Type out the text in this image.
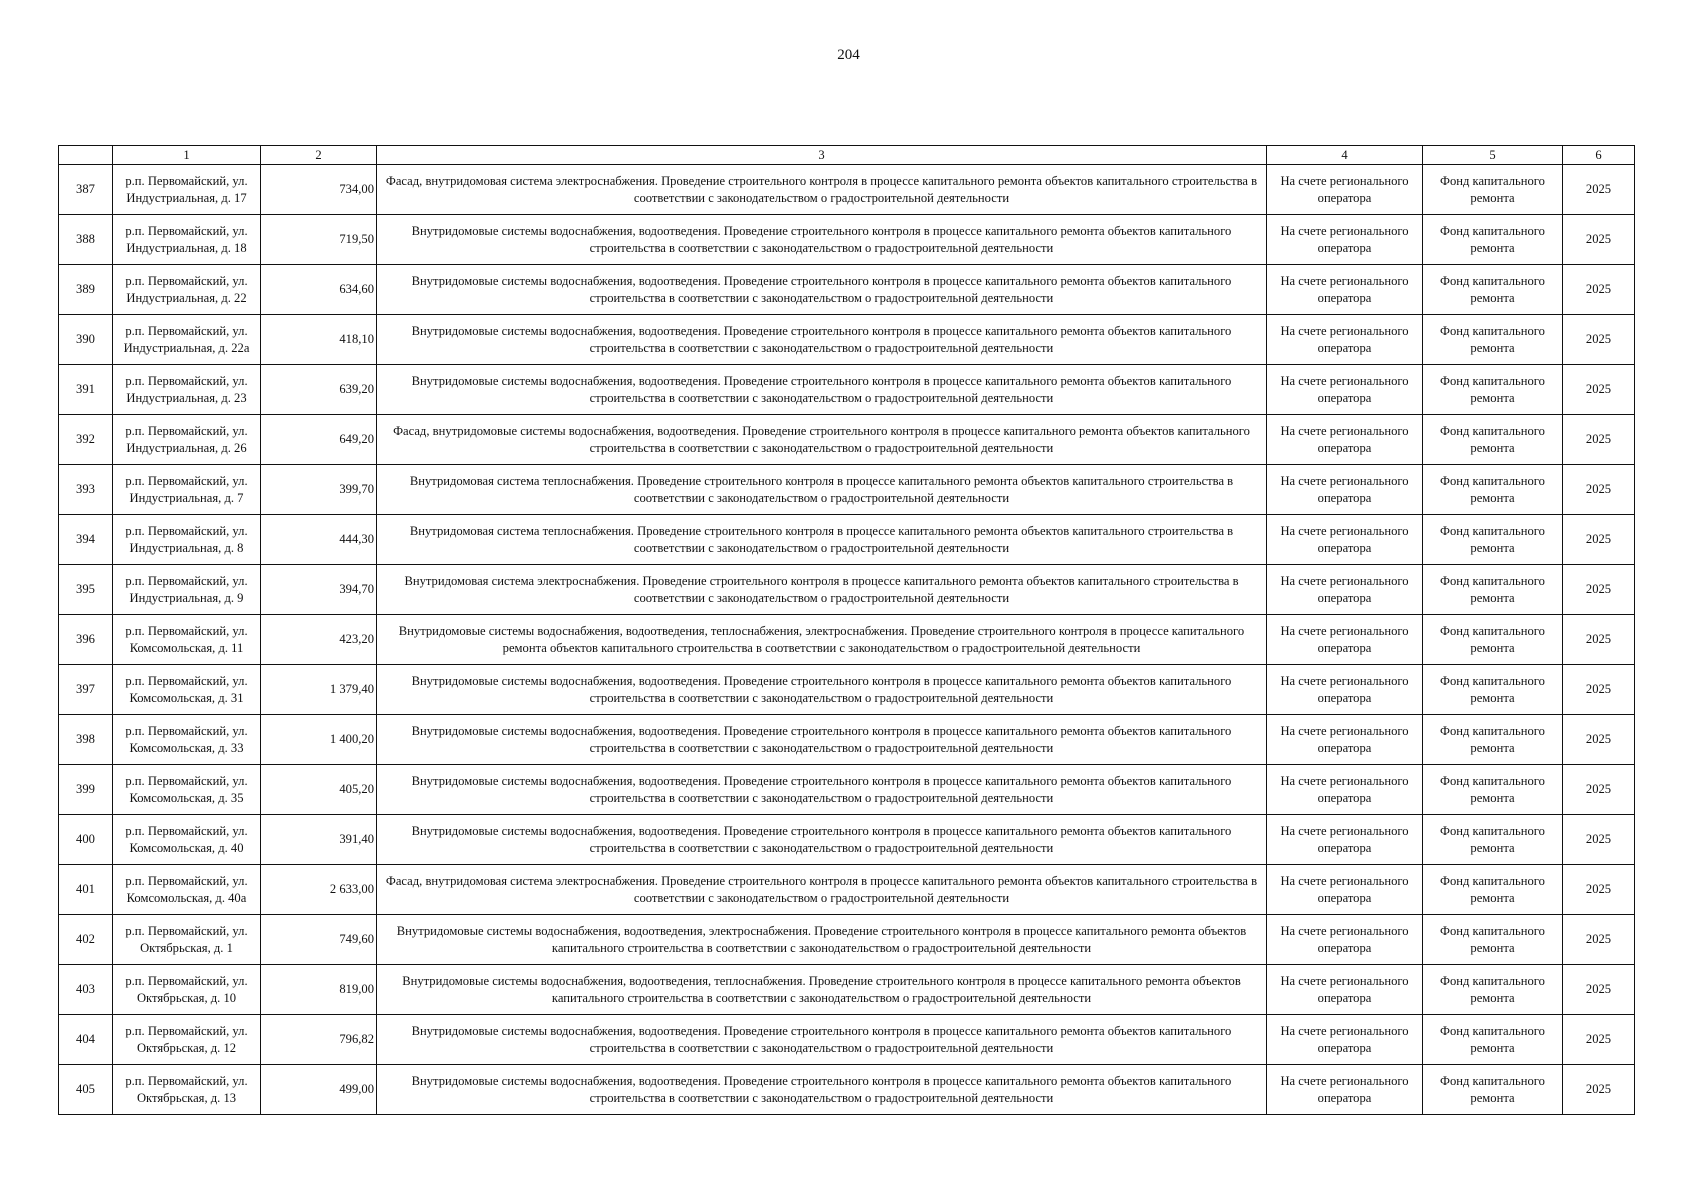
204
	1	2	3	4	5	6
387	р.п. Первомайский, ул. Индустриальная, д. 17	734,00	Фасад, внутридомовая система электроснабжения. Проведение строительного контроля в процессе капитального ремонта объектов капитального строительства в соответствии с законодательством о градостроительной деятельности	На счете регионального оператора	Фонд капитального ремонта	2025
388	р.п. Первомайский, ул. Индустриальная, д. 18	719,50	Внутридомовые системы водоснабжения, водоотведения. Проведение строительного контроля в процессе капитального ремонта объектов капитального строительства в соответствии с законодательством о градостроительной деятельности	На счете регионального оператора	Фонд капитального ремонта	2025
389	р.п. Первомайский, ул. Индустриальная, д. 22	634,60	Внутридомовые системы водоснабжения, водоотведения. Проведение строительного контроля в процессе капитального ремонта объектов капитального строительства в соответствии с законодательством о градостроительной деятельности	На счете регионального оператора	Фонд капитального ремонта	2025
390	р.п. Первомайский, ул. Индустриальная, д. 22а	418,10	Внутридомовые системы водоснабжения, водоотведения. Проведение строительного контроля в процессе капитального ремонта объектов капитального строительства в соответствии с законодательством о градостроительной деятельности	На счете регионального оператора	Фонд капитального ремонта	2025
391	р.п. Первомайский, ул. Индустриальная, д. 23	639,20	Внутридомовые системы водоснабжения, водоотведения. Проведение строительного контроля в процессе капитального ремонта объектов капитального строительства в соответствии с законодательством о градостроительной деятельности	На счете регионального оператора	Фонд капитального ремонта	2025
392	р.п. Первомайский, ул. Индустриальная, д. 26	649,20	Фасад, внутридомовые системы водоснабжения, водоотведения. Проведение строительного контроля в процессе капитального ремонта объектов капитального строительства в соответствии с законодательством о градостроительной деятельности	На счете регионального оператора	Фонд капитального ремонта	2025
393	р.п. Первомайский, ул. Индустриальная, д. 7	399,70	Внутридомовая система теплоснабжения. Проведение строительного контроля в процессе капитального ремонта объектов капитального строительства в соответствии с законодательством о градостроительной деятельности	На счете регионального оператора	Фонд капитального ремонта	2025
394	р.п. Первомайский, ул. Индустриальная, д. 8	444,30	Внутридомовая система теплоснабжения. Проведение строительного контроля в процессе капитального ремонта объектов капитального строительства в соответствии с законодательством о градостроительной деятельности	На счете регионального оператора	Фонд капитального ремонта	2025
395	р.п. Первомайский, ул. Индустриальная, д. 9	394,70	Внутридомовая система электроснабжения. Проведение строительного контроля в процессе капитального ремонта объектов капитального строительства в соответствии с законодательством о градостроительной деятельности	На счете регионального оператора	Фонд капитального ремонта	2025
396	р.п. Первомайский, ул. Комсомольская, д. 11	423,20	Внутридомовые системы водоснабжения, водоотведения, теплоснабжения, электроснабжения. Проведение строительного контроля в процессе капитального ремонта объектов капитального строительства в соответствии с законодательством о градостроительной деятельности	На счете регионального оператора	Фонд капитального ремонта	2025
397	р.п. Первомайский, ул. Комсомольская, д. 31	1 379,40	Внутридомовые системы водоснабжения, водоотведения. Проведение строительного контроля в процессе капитального ремонта объектов капитального строительства в соответствии с законодательством о градостроительной деятельности	На счете регионального оператора	Фонд капитального ремонта	2025
398	р.п. Первомайский, ул. Комсомольская, д. 33	1 400,20	Внутридомовые системы водоснабжения, водоотведения. Проведение строительного контроля в процессе капитального ремонта объектов капитального строительства в соответствии с законодательством о градостроительной деятельности	На счете регионального оператора	Фонд капитального ремонта	2025
399	р.п. Первомайский, ул. Комсомольская, д. 35	405,20	Внутридомовые системы водоснабжения, водоотведения. Проведение строительного контроля в процессе капитального ремонта объектов капитального строительства в соответствии с законодательством о градостроительной деятельности	На счете регионального оператора	Фонд капитального ремонта	2025
400	р.п. Первомайский, ул. Комсомольская, д. 40	391,40	Внутридомовые системы водоснабжения, водоотведения. Проведение строительного контроля в процессе капитального ремонта объектов капитального строительства в соответствии с законодательством о градостроительной деятельности	На счете регионального оператора	Фонд капитального ремонта	2025
401	р.п. Первомайский, ул. Комсомольская, д. 40а	2 633,00	Фасад, внутридомовая система электроснабжения. Проведение строительного контроля в процессе капитального ремонта объектов капитального строительства в соответствии с законодательством о градостроительной деятельности	На счете регионального оператора	Фонд капитального ремонта	2025
402	р.п. Первомайский, ул. Октябрьская, д. 1	749,60	Внутридомовые системы водоснабжения, водоотведения, электроснабжения. Проведение строительного контроля в процессе капитального ремонта объектов капитального строительства в соответствии с законодательством о градостроительной деятельности	На счете регионального оператора	Фонд капитального ремонта	2025
403	р.п. Первомайский, ул. Октябрьская, д. 10	819,00	Внутридомовые системы водоснабжения, водоотведения, теплоснабжения. Проведение строительного контроля в процессе капитального ремонта объектов капитального строительства в соответствии с законодательством о градостроительной деятельности	На счете регионального оператора	Фонд капитального ремонта	2025
404	р.п. Первомайский, ул. Октябрьская, д. 12	796,82	Внутридомовые системы водоснабжения, водоотведения. Проведение строительного контроля в процессе капитального ремонта объектов капитального строительства в соответствии с законодательством о градостроительной деятельности	На счете регионального оператора	Фонд капитального ремонта	2025
405	р.п. Первомайский, ул. Октябрьская, д. 13	499,00	Внутридомовые системы водоснабжения, водоотведения. Проведение строительного контроля в процессе капитального ремонта объектов капитального строительства в соответствии с законодательством о градостроительной деятельности	На счете регионального оператора	Фонд капитального ремонта	2025
